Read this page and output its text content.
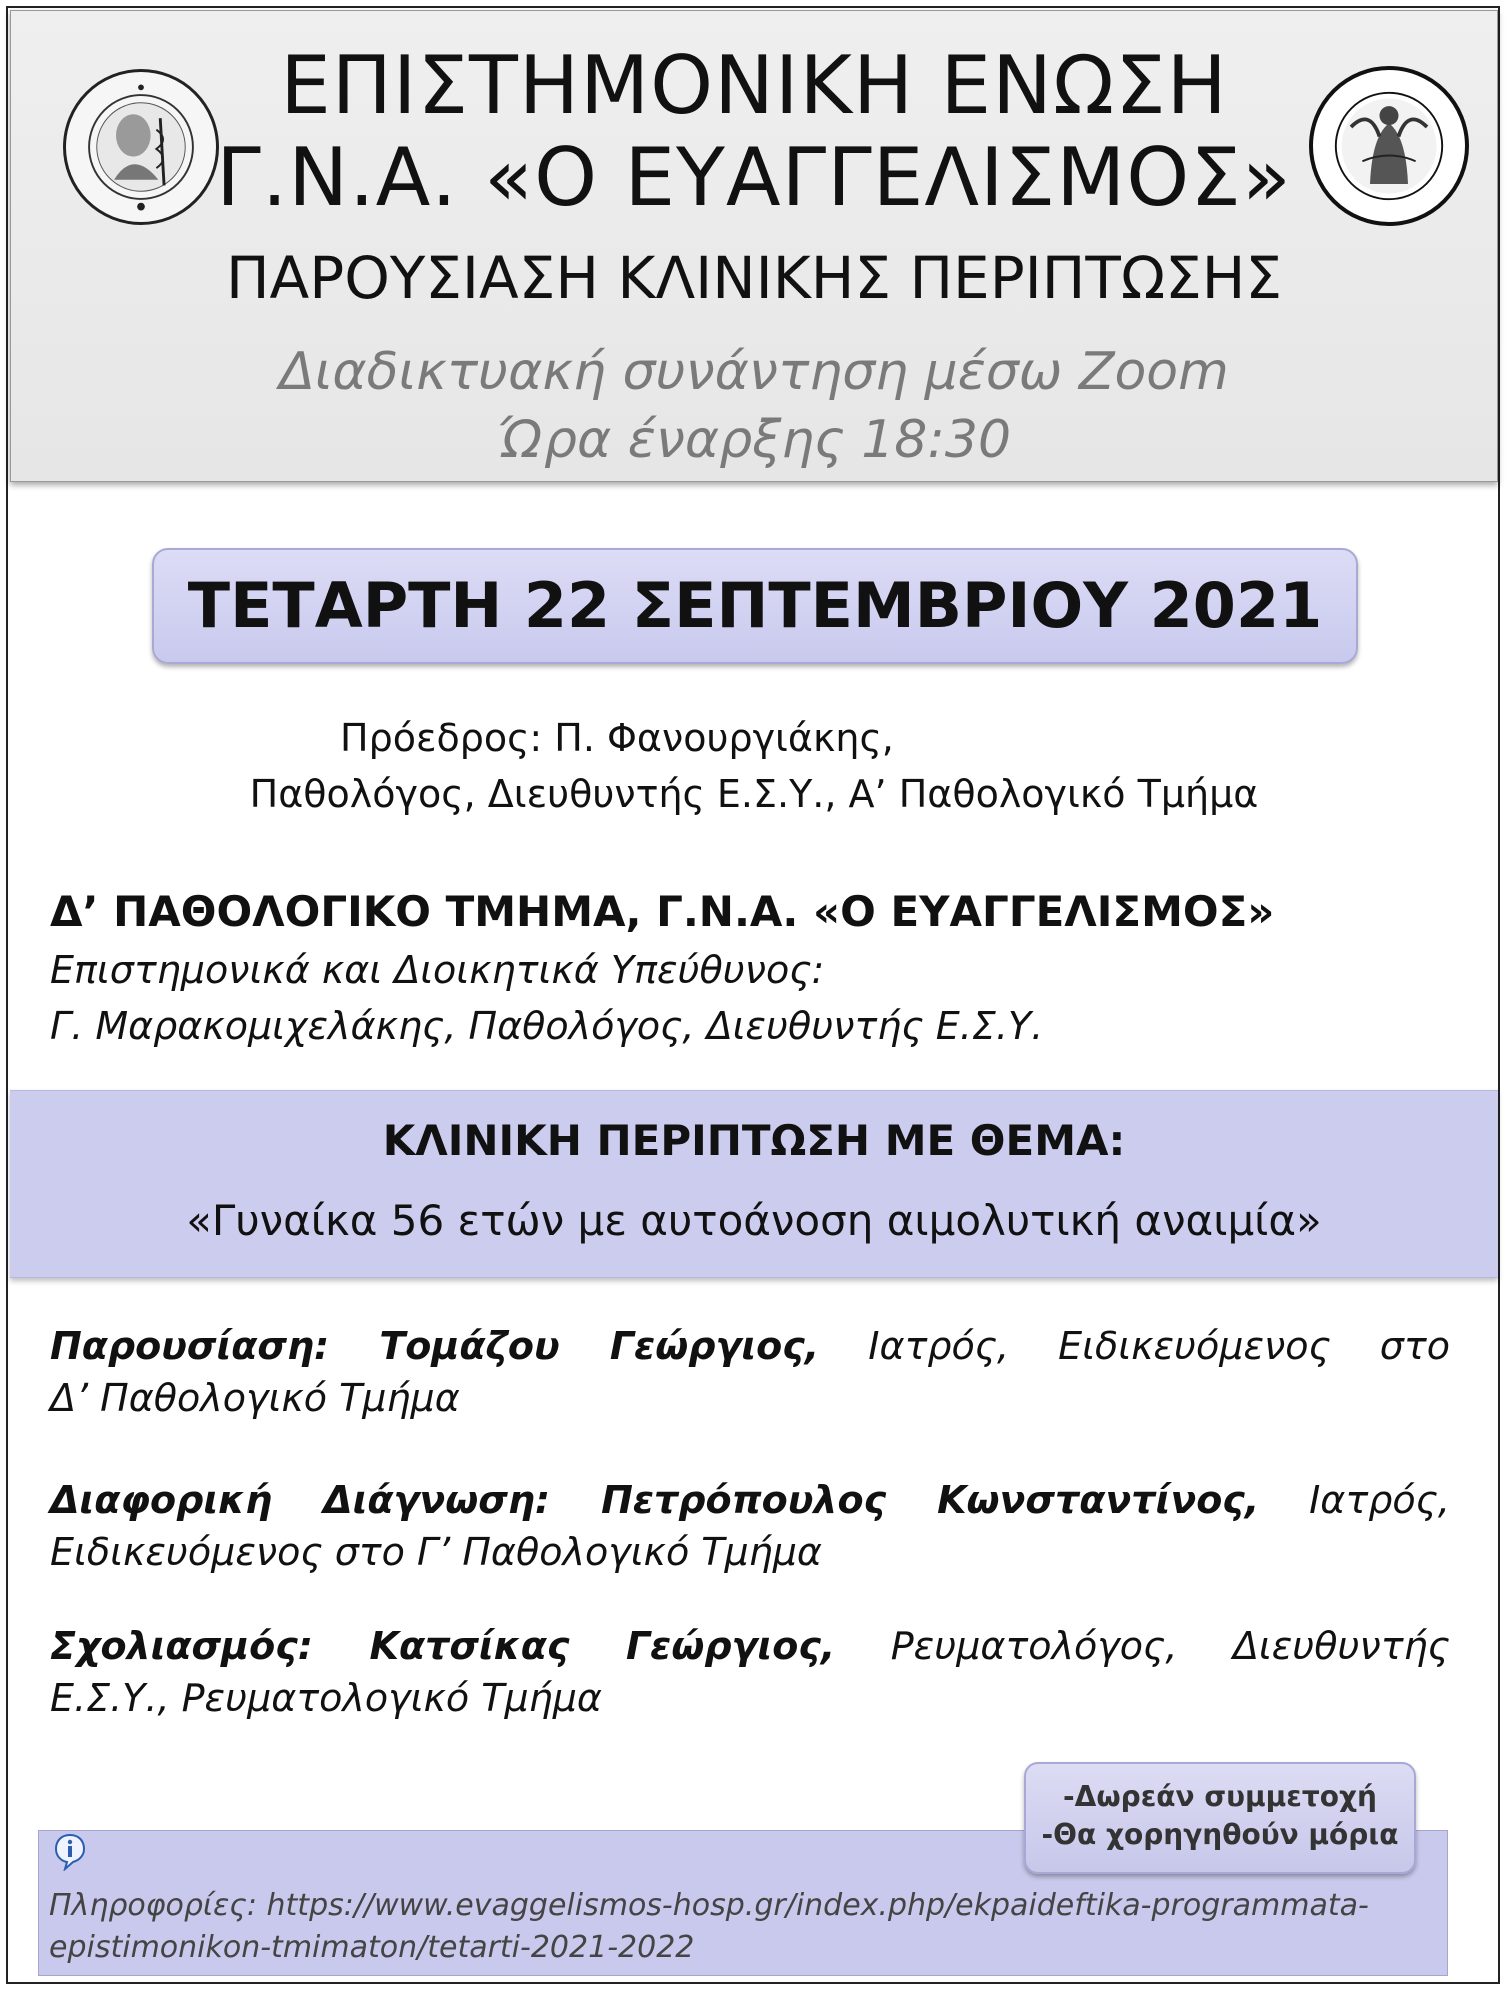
ΕΠΙΣΤΗΜΟΝΙΚΗ ΕΝΩΣΗ
Γ.Ν.Α. «Ο ΕΥΑΓΓΕΛΙΣΜΟΣ»
ΠΑΡΟΥΣΙΑΣΗ ΚΛΙΝΙΚΗΣ ΠΕΡΙΠΤΩΣΗΣ
Διαδικτυακή συνάντηση μέσω Zoom
Ώρα έναρξης 18:30
ΤΕΤΑΡΤΗ 22 ΣΕΠΤΕΜΒΡΙΟΥ 2021
Πρόεδρος: Π. Φανουργιάκης,
Παθολόγος, Διευθυντής Ε.Σ.Υ., Α’ Παθολογικό Τμήμα
Δ’ ΠΑΘΟΛΟΓΙΚΟ ΤΜΗΜΑ, Γ.Ν.Α. «Ο ΕΥΑΓΓΕΛΙΣΜΟΣ»
Επιστημονικά και Διοικητικά Υπεύθυνος:
Γ. Μαρακομιχελάκης, Παθολόγος, Διευθυντής Ε.Σ.Υ.
ΚΛΙΝΙΚΗ ΠΕΡΙΠΤΩΣΗ ΜΕ ΘΕΜΑ:
«Γυναίκα 56 ετών με αυτοάνοση αιμολυτική αναιμία»
Παρουσίαση: Τομάζου Γεώργιος, Ιατρός, Ειδικευόμενος στο
Δ’ Παθολογικό Τμήμα
Διαφορική Διάγνωση: Πετρόπουλος Κωνσταντίνος, Ιατρός,
Ειδικευόμενος στο Γ’ Παθολογικό Τμήμα
Σχολιασμός: Κατσίκας Γεώργιος, Ρευματολόγος, Διευθυντής
Ε.Σ.Υ., Ρευματολογικό Τμήμα
Πληροφορίες: https://www.evaggelismos-hosp.gr/index.php/ekpaideftika-programmata-epistimonikon-tmimaton/tetarti-2021-2022
-Δωρεάν συμμετοχή
-Θα χορηγηθούν μόρια
